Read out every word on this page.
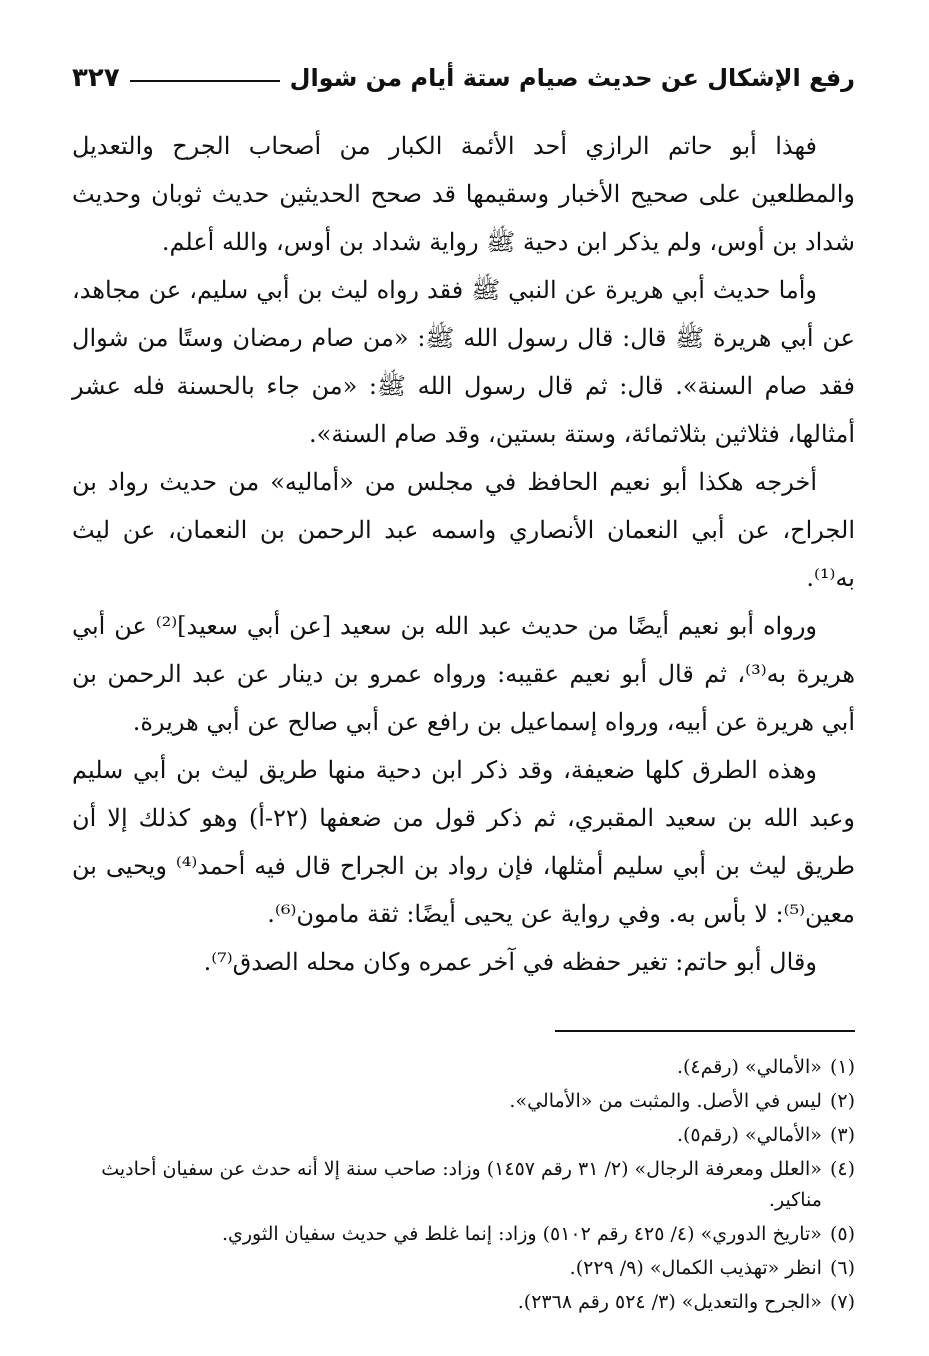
رفع الإشكال عن حديث صيام ستة أيام من شوال
٣٢٧

فهذا أبو حاتم الرازي أحد الأئمة الكبار من أصحاب الجرح والتعديل والمطلعين على صحيح الأخبار وسقيمها قد صحح الحديثين حديث ثوبان وحديث شداد بن أوس، ولم يذكر ابن دحية ﷺ رواية شداد بن أوس، والله أعلم.

وأما حديث أبي هريرة عن النبي ﷺ فقد رواه ليث بن أبي سليم، عن مجاهد، عن أبي هريرة ﷺ قال: قال رسول الله ﷺ: «من صام رمضان وستًا من شوال فقد صام السنة». قال: ثم قال رسول الله ﷺ: «من جاء بالحسنة فله عشر أمثالها، فثلاثين بثلاثمائة، وستة بستين، وقد صام السنة».

أخرجه هكذا أبو نعيم الحافظ في مجلس من «أماليه» من حديث رواد بن الجراح، عن أبي النعمان الأنصاري واسمه عبد الرحمن بن النعمان، عن ليث به⁽¹⁾.

ورواه أبو نعيم أيضًا من حديث عبد الله بن سعيد [عن أبي سعيد]⁽²⁾ عن أبي هريرة به⁽³⁾، ثم قال أبو نعيم عقيبه: ورواه عمرو بن دينار عن عبد الرحمن بن أبي هريرة عن أبيه، ورواه إسماعيل بن رافع عن أبي صالح عن أبي هريرة.

وهذه الطرق كلها ضعيفة، وقد ذكر ابن دحية منها طريق ليث بن أبي سليم وعبد الله بن سعيد المقبري، ثم ذكر قول من ضعفها (٢٢-أ) وهو كذلك إلا أن طريق ليث بن أبي سليم أمثلها، فإن رواد بن الجراح قال فيه أحمد⁽⁴⁾ ويحيى بن معين⁽⁵⁾: لا بأس به. وفي رواية عن يحيى أيضًا: ثقة مامون⁽⁶⁾.

وقال أبو حاتم: تغير حفظه في آخر عمره وكان محله الصدق⁽⁷⁾.

(١)
«الأمالي» (رقم٤).
(٢)
ليس في الأصل. والمثبت من «الأمالي».
(٣)
«الأمالي» (رقم٥).
(٤)
«العلل ومعرفة الرجال» (٢/ ٣١ رقم ١٤٥٧) وزاد: صاحب سنة إلا أنه حدث عن سفيان أحاديث مناكير.
(٥)
«تاريخ الدوري» (٤/ ٤٢٥ رقم ٥١٠٢) وزاد: إنما غلط في حديث سفيان الثوري.
(٦)
انظر «تهذيب الكمال» (٩/ ٢٢٩).
(٧)
«الجرح والتعديل» (٣/ ٥٢٤ رقم ٢٣٦٨).
